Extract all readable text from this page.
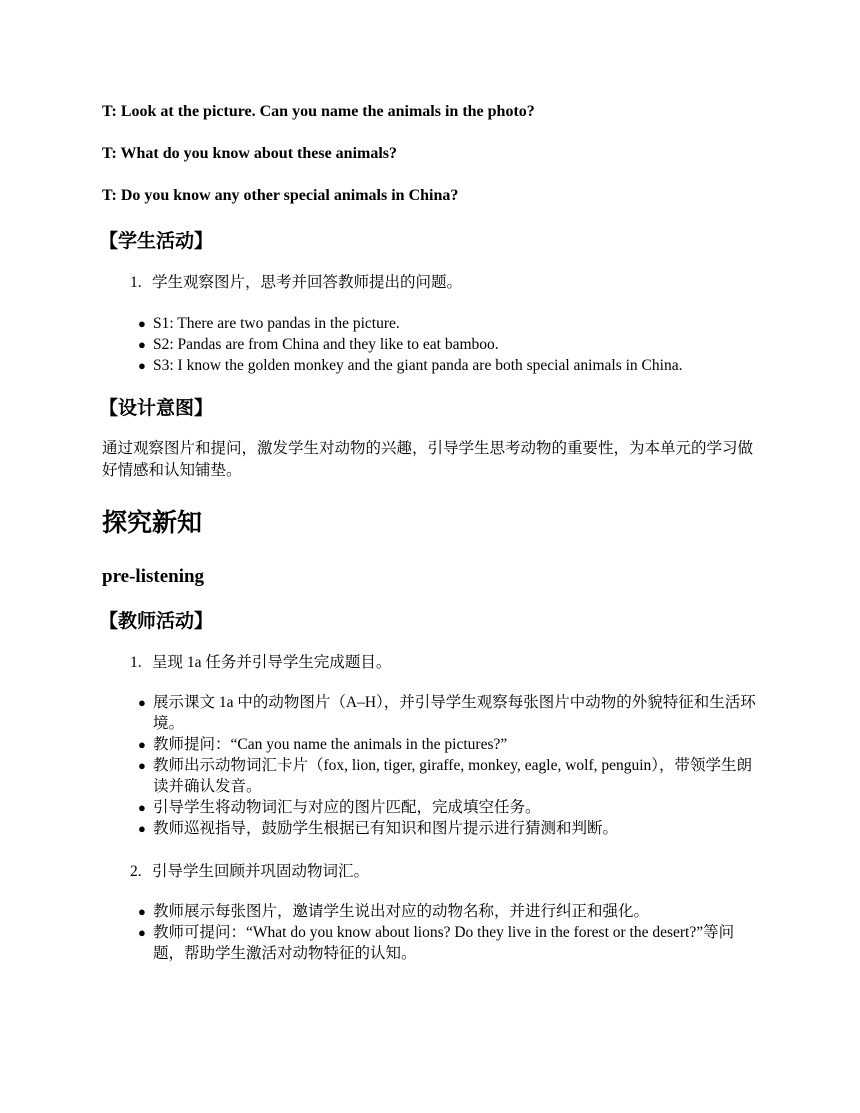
T: Look at the picture. Can you name the animals in the photo?
T: What do you know about these animals?
T: Do you know any other special animals in China?
【学生活动】
1. 学生观察图片，思考并回答教师提出的问题。
● S1: There are two pandas in the picture.
● S2: Pandas are from China and they like to eat bamboo.
● S3: I know the golden monkey and the giant panda are both special animals in China.
【设计意图】
通过观察图片和提问，激发学生对动物的兴趣，引导学生思考动物的重要性，为本单元的学习做好情感和认知铺垫。
探究新知
pre-listening
【教师活动】
1. 呈现 1a 任务并引导学生完成题目。
● 展示课文 1a 中的动物图片（A–H），并引导学生观察每张图片中动物的外貌特征和生活环境。
● 教师提问：“Can you name the animals in the pictures?”
● 教师出示动物词汇卡片（fox, lion, tiger, giraffe, monkey, eagle, wolf, penguin），带领学生朗读并确认发音。
● 引导学生将动物词汇与对应的图片匹配，完成填空任务。
● 教师巡视指导，鼓励学生根据已有知识和图片提示进行猜测和判断。
2. 引导学生回顾并巩固动物词汇。
● 教师展示每张图片，邀请学生说出对应的动物名称，并进行纠正和强化。
● 教师可提问：“What do you know about lions? Do they live in the forest or the desert?”等问题，帮助学生激活对动物特征的认知。
